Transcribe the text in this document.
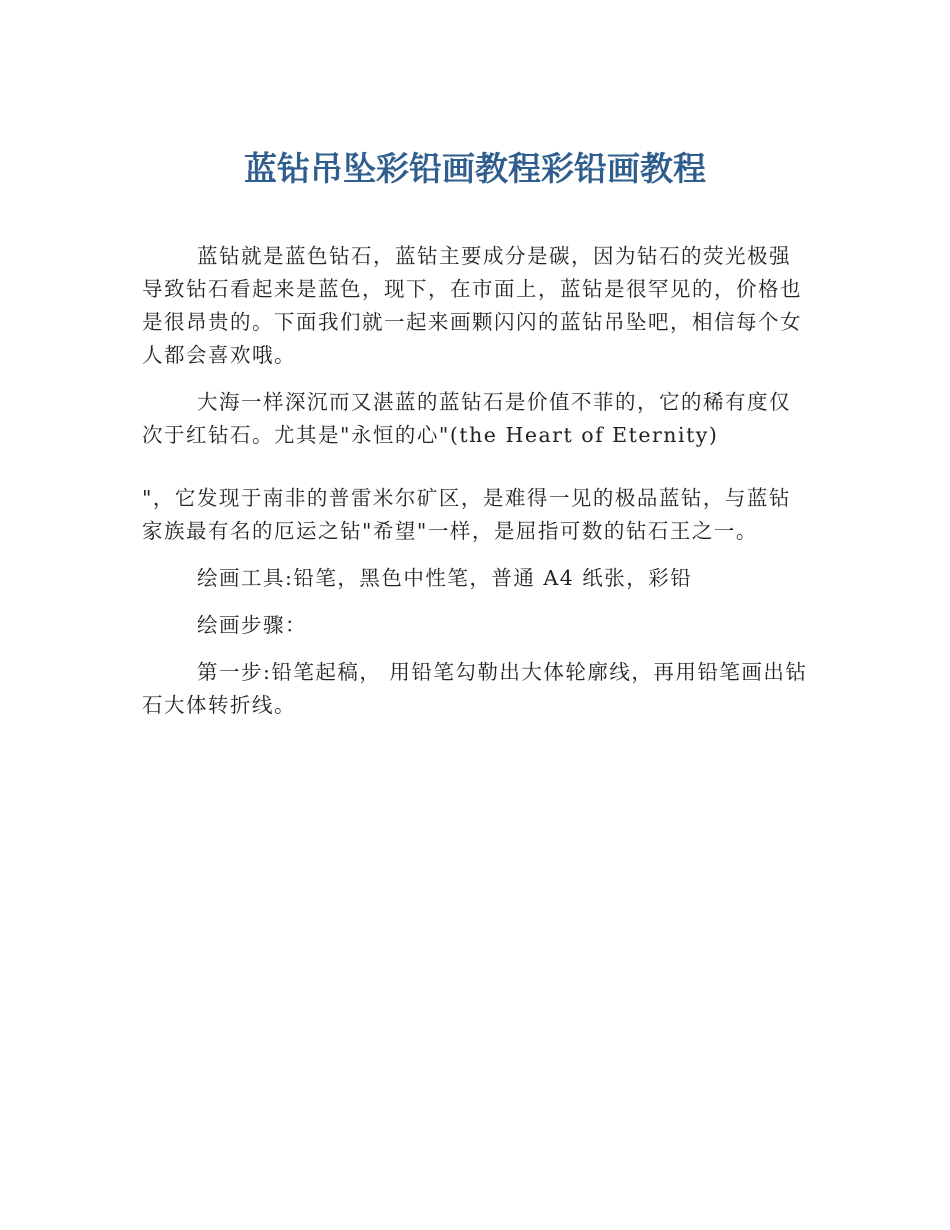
蓝钻吊坠彩铅画教程彩铅画教程

蓝钻就是蓝色钻石，蓝钻主要成分是碳，因为钻石的荧光极强导致钻石看起来是蓝色，现下，在市面上，蓝钻是很罕见的，价格也是很昂贵的。下面我们就一起来画颗闪闪的蓝钻吊坠吧，相信每个女人都会喜欢哦。

大海一样深沉而又湛蓝的蓝钻石是价值不菲的，它的稀有度仅次于红钻石。尤其是"永恒的心"(the Heart of Eternity)

"，它发现于南非的普雷米尔矿区，是难得一见的极品蓝钻，与蓝钻家族最有名的厄运之钻"希望"一样，是屈指可数的钻石王之一。

绘画工具:铅笔，黑色中性笔，普通 A4 纸张，彩铅

绘画步骤：

第一步:铅笔起稿， 用铅笔勾勒出大体轮廓线，再用铅笔画出钻石大体转折线。
